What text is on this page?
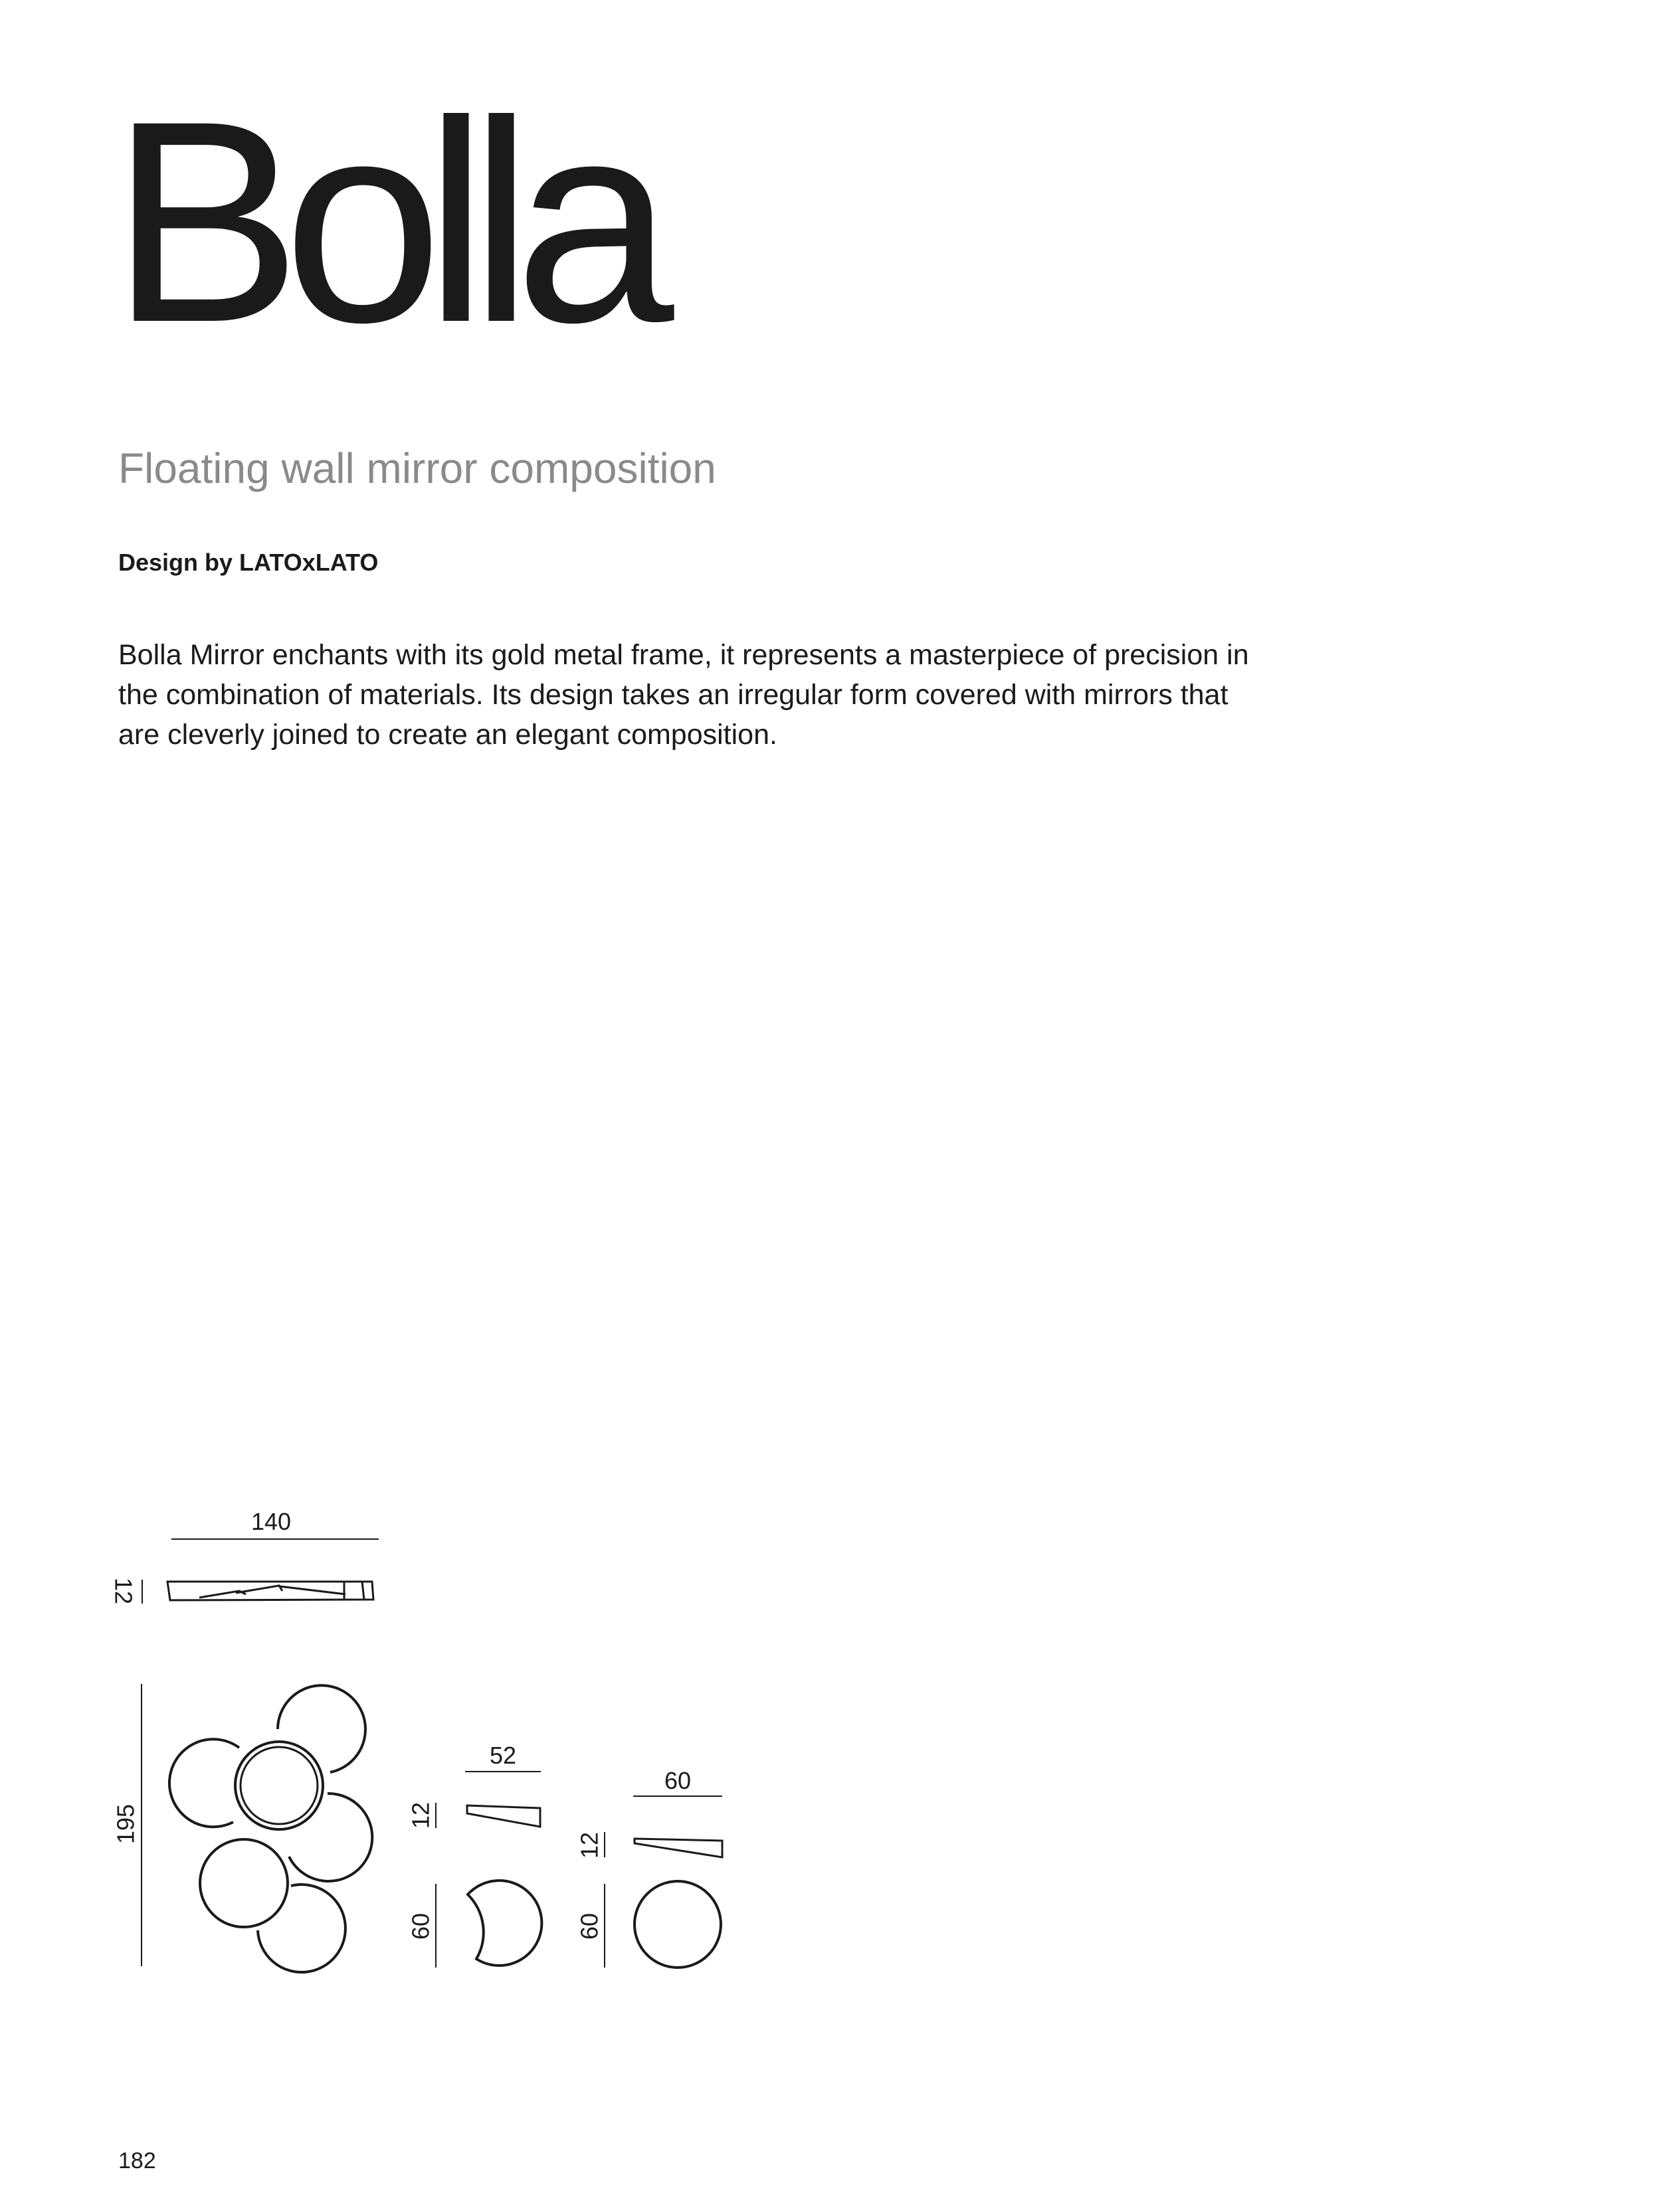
Bolla

Floating wall mirror composition

Design by LATOxLATO

Bolla Mirror enchants with its gold metal frame, it represents a masterpiece of precision in the combination of materials. Its design takes an irregular form covered with mirrors that are cleverly joined to create an elegant composition.

140
12
195
52
12
60
60
12
60

182
